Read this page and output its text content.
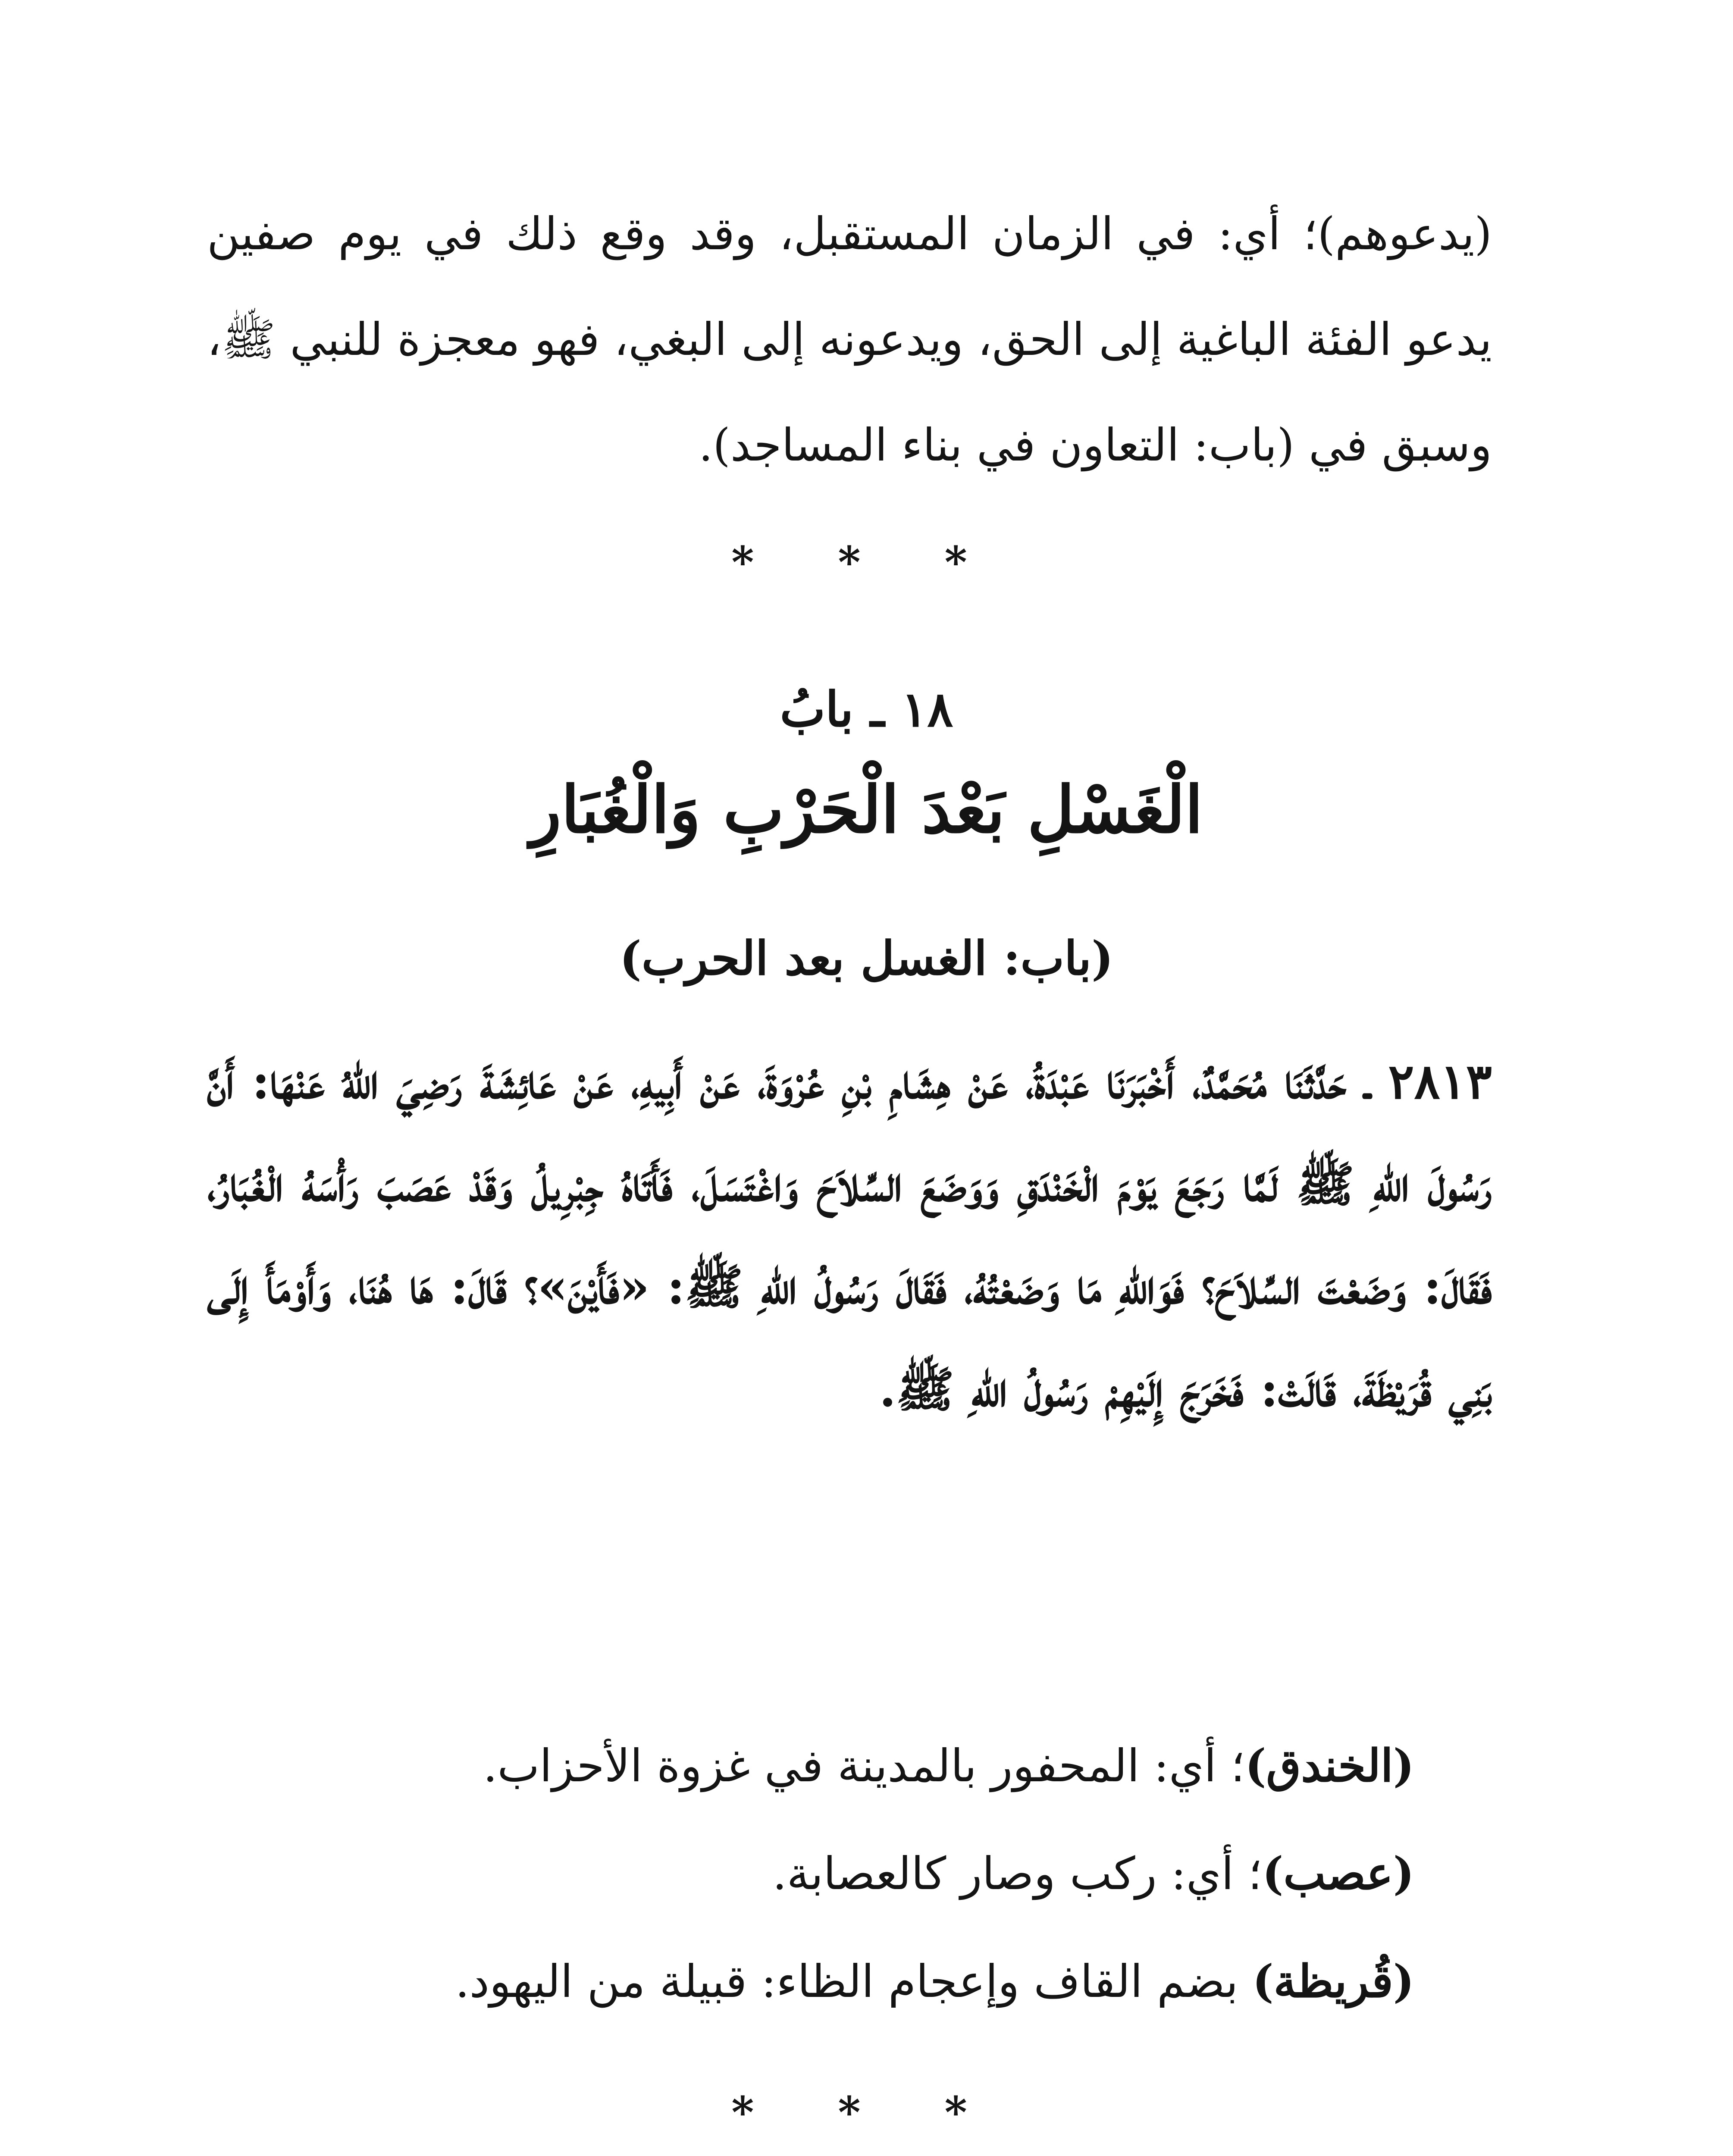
(يدعوهم)؛ أي: في الزمان المستقبل، وقد وقع ذلك في يوم صفين يدعو الفئة الباغية إلى الحق، ويدعونه إلى البغي، فهو معجزة للنبي ﷺ، وسبق في (باب: التعاون في بناء المساجد).

* * *

١٨ ـ بابُ
الْغَسْلِ بَعْدَ الْحَرْبِ وَالْغُبَارِ
(باب: الغسل بعد الحرب)

٢٨١٣ ـ حَدَّثَنَا مُحَمَّدٌ، أَخْبَرَنَا عَبْدَةُ، عَنْ هِشَامِ بْنِ عُرْوَةَ، عَنْ أَبِيهِ، عَنْ عَائِشَةَ رَضِيَ اللهُ عَنْهَا: أَنَّ رَسُولَ اللهِ ﷺ لَمَّا رَجَعَ يَوْمَ الْخَنْدَقِ وَوَضَعَ السِّلاَحَ وَاغْتَسَلَ، فَأَتَاهُ جِبْرِيلُ وَقَدْ عَصَبَ رَأْسَهُ الْغُبَارُ، فَقَالَ: وَضَعْتَ السِّلاَحَ؟ فَوَاللهِ مَا وَضَعْتُهُ، فَقَالَ رَسُولُ اللهِ ﷺ: «فَأَيْنَ»؟ قَالَ: هَا هُنَا، وَأَوْمَأَ إِلَى بَنِي قُرَيْظَةَ، قَالَتْ: فَخَرَجَ إِلَيْهِمْ رَسُولُ اللهِ ﷺ.

(الخندق)؛ أي: المحفور بالمدينة في غزوة الأحزاب.
(عصب)؛ أي: ركب وصار كالعصابة.
(قُريظة) بضم القاف وإعجام الظاء: قبيلة من اليهود.

* * *
